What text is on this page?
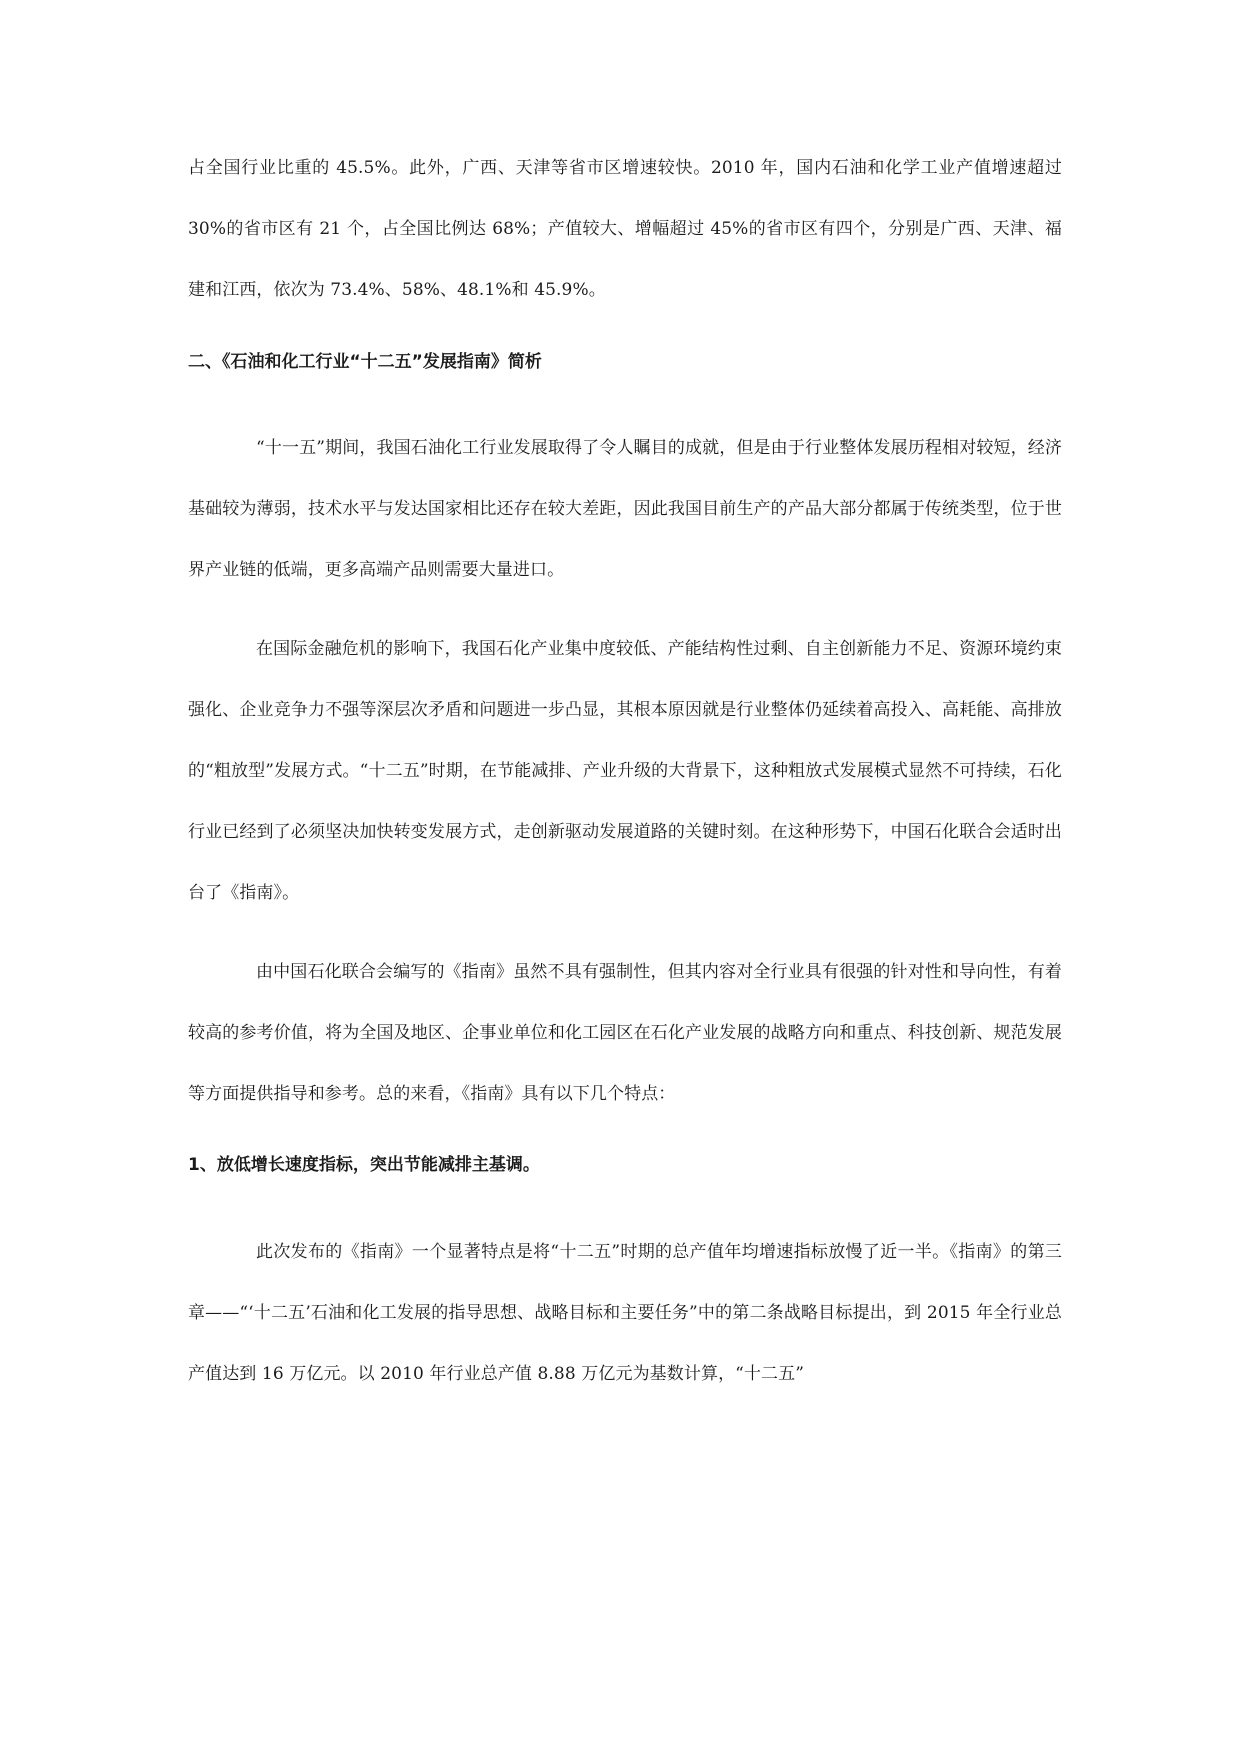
占全国行业比重的 45.5%。此外，广西、天津等省市区增速较快。2010 年，国内石油和化学工业产值增速超过 30%的省市区有 21 个，占全国比例达 68%；产值较大、增幅超过 45%的省市区有四个，分别是广西、天津、福建和江西，依次为 73.4%、58%、48.1%和 45.9%。

二、《石油和化工行业“十二五”发展指南》简析

“十一五”期间，我国石油化工行业发展取得了令人瞩目的成就，但是由于行业整体发展历程相对较短，经济基础较为薄弱，技术水平与发达国家相比还存在较大差距，因此我国目前生产的产品大部分都属于传统类型，位于世界产业链的低端，更多高端产品则需要大量进口。

在国际金融危机的影响下，我国石化产业集中度较低、产能结构性过剩、自主创新能力不足、资源环境约束强化、企业竞争力不强等深层次矛盾和问题进一步凸显，其根本原因就是行业整体仍延续着高投入、高耗能、高排放的“粗放型”发展方式。“十二五”时期，在节能减排、产业升级的大背景下，这种粗放式发展模式显然不可持续，石化行业已经到了必须坚决加快转变发展方式，走创新驱动发展道路的关键时刻。在这种形势下，中国石化联合会适时出台了《指南》。

由中国石化联合会编写的《指南》虽然不具有强制性，但其内容对全行业具有很强的针对性和导向性，有着较高的参考价值，将为全国及地区、企事业单位和化工园区在石化产业发展的战略方向和重点、科技创新、规范发展等方面提供指导和参考。总的来看，《指南》具有以下几个特点：

1、放低增长速度指标，突出节能减排主基调。

此次发布的《指南》一个显著特点是将“十二五”时期的总产值年均增速指标放慢了近一半。《指南》的第三章——“‘十二五’石油和化工发展的指导思想、战略目标和主要任务”中的第二条战略目标提出，到 2015 年全行业总产值达到 16 万亿元。以 2010 年行业总产值 8.88 万亿元为基数计算，“十二五”
